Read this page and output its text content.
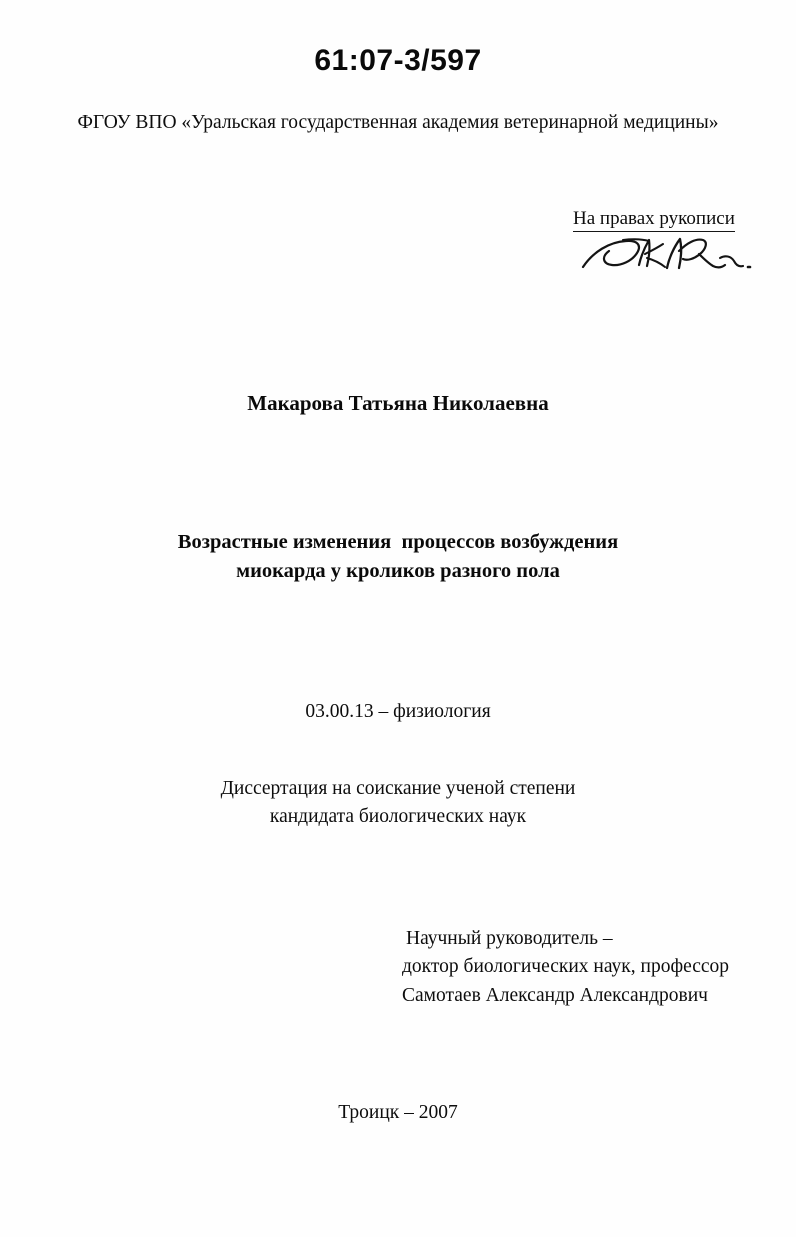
61:07-3/597
ФГОУ ВПО «Уральская государственная академия ветеринарной медицины»
На правах рукописи
Макарова Татьяна Николаевна
Возрастные изменения  процессов возбуждения
миокарда у кроликов разного пола
03.00.13 – физиология
Диссертация на соискание ученой степени
кандидата биологических наук
Научный руководитель –
доктор биологических наук, профессор
Самотаев Александр Александрович
Троицк – 2007
